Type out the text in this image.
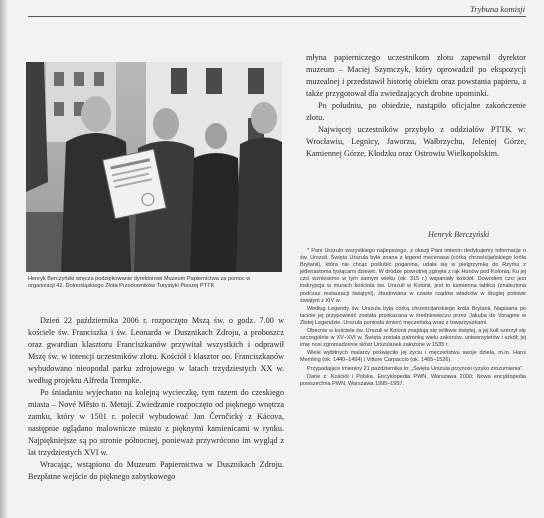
Trybuna komisji
Henryk Berczyński wręcza podziękowanie dyrektorowi Muzeum Papiernictwa za pomoc w organizacji 42. Dolnośląskiego Złota Przodowników Turystyki Pieszej PTTK

Dzień 22 października 2006 r. rozpoczęto Mszą św. o godz. 7.00 w kościele św. Franciszka i św. Leonarda w Dusznikach Zdroju, a proboszcz oraz gwardian klasztoru Franciszkanów przywitał wszystkich i odprawił Mszę św. w intencji uczestników złotu. Kościół i klasztor oo. Franciszkanów wybudowano nieopodal parku zdrojowego w latach trzydziestych XX w. według projektu Alfreda Trempke.

Po śniadaniu wyjechano na kolejną wycieczkę, tym razem do czeskiego miasta – Nové Město n. Metují. Zwiedzanie rozpoczęto od pięknego wnętrza zamku, który w 1501 r. polecił wybudować Jan Černčický z Kácova, następnie oglądano malownicze miasto z pięknymi kamienicami w rynku. Najpiękniejsze są po stronie północnej, ponieważ przywrócono im wygląd z lat trzydziestych XVI w.

Wracając, wstąpiono do Muzeum Papiernictwa w Dusznikach Zdroju. Bezpłatne wejście do pięknego zabytkowego

młyna papierniczego uczestnikom złotu zapewnił dyrektor muzeum – Maciej Szymczyk, który oprowadził po ekspozycji muzealnej i przedstawił historię obiektu oraz powstania papieru, a także przygotował dla zwiedzających drobne upominki.

Po południu, po obiedzie, nastąpiło oficjalne zakończenie złotu.

Najwięcej uczestników przybyło z oddziałów PTTK w: Wrocławiu, Legnicy, Jaworzu, Wałbrzychu, Jeleniej Górze, Kamiennej Górze, Kłodzku oraz Ostrowiu Wielkopolskim.

Henryk Berczyński

* Pani Urszulo wszystkiego najlepszego, z okazji Pani imienin dedykujemy informacje o św. Urszuli. Święta Urszula była znana z legend mecenasa (córką chrześcijańskiego króla Brytanii), która nie chcąc poślubić poganina, udała się w pielgrzymkę do Rzymu z jedenastoma tysiącami dziewic. W drodze powrotnej zginęła z rąk Hunów pod Kolonią. Ku jej czci wzniesiono w tym samym wieku (ok. 315 r.) wspaniały kościół. Dowodem czci jest inskrypcja w murach kościoła św. Urszuli w Kolonii, jest to kamienna tablica (znaleziona podczas restauracji świątyni), zbudowana w czasie rządów władców w drugiej połowie świątyni z XIV w.

Według Legendy św. Urszula była córką chrześcijańskiego króla Brytanii. Napisana po łacinie jej przypowieść została przekazana w średniowieczu przez Jakuba de Voragine w Złotej Legendzie. Urszula poniosła śmierć męczeńską wraz z towarzyszkami.

Obecnie w kościele św. Urszuli w Kolonii znajdują się relikwie świętej, a jej kult szerzył się szczególnie w XV–XVI w. Święta została patronką wielu zakonów, uniwersytetów i szkół; jej imię nosi zgromadzenie sióstr Urszulanek założone w 1535 r.

Wiele wybitnych malarzy poświęciło jej życiu i męczeństwu swoje dzieła, m.in. Hans Memling (ok. 1440–1494) i Vittore Carpaccio (ok. 1465–1526).

Przypadające imieniny 21 października to: „Święta Urszula przynosi ryzyko zrozumienia”.

Dane z: Kościół i Polska. Encyklopedia PWN, Warszawa 2000; Nowa encyklopedia powszechna PWN, Warszawa 1995–1997.
